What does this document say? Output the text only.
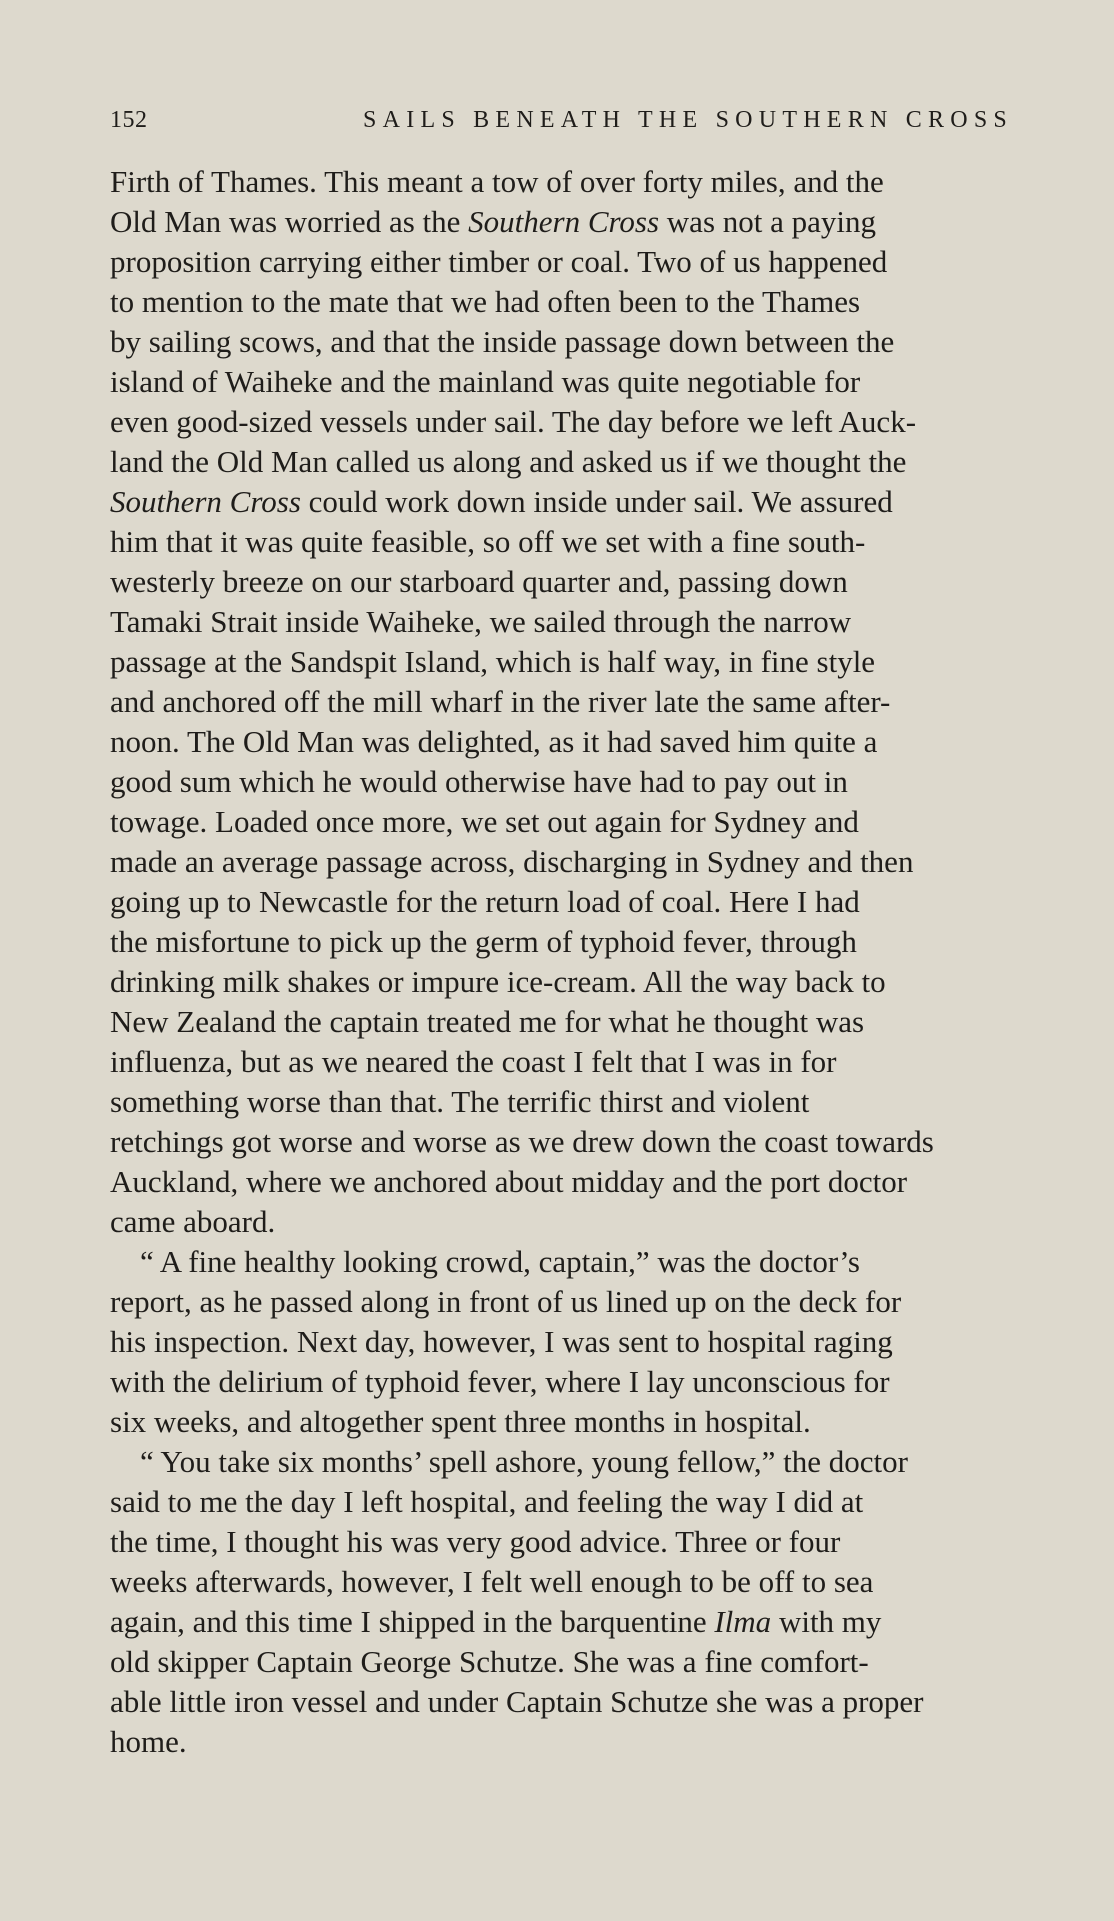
152	SAILS BENEATH THE SOUTHERN CROSS
Firth of Thames. This meant a tow of over forty miles, and the
Old Man was worried as the Southern Cross was not a paying
proposition carrying either timber or coal. Two of us happened
to mention to the mate that we had often been to the Thames
by sailing scows, and that the inside passage down between the
island of Waiheke and the mainland was quite negotiable for
even good-sized vessels under sail. The day before we left Auck-
land the Old Man called us along and asked us if we thought the
Southern Cross could work down inside under sail. We assured
him that it was quite feasible, so off we set with a fine south-
westerly breeze on our starboard quarter and, passing down
Tamaki Strait inside Waiheke, we sailed through the narrow
passage at the Sandspit Island, which is half way, in fine style
and anchored off the mill wharf in the river late the same after-
noon. The Old Man was delighted, as it had saved him quite a
good sum which he would otherwise have had to pay out in
towage. Loaded once more, we set out again for Sydney and
made an average passage across, discharging in Sydney and then
going up to Newcastle for the return load of coal. Here I had
the misfortune to pick up the germ of typhoid fever, through
drinking milk shakes or impure ice-cream. All the way back to
New Zealand the captain treated me for what he thought was
influenza, but as we neared the coast I felt that I was in for
something worse than that. The terrific thirst and violent
retchings got worse and worse as we drew down the coast towards
Auckland, where we anchored about midday and the port doctor
came aboard.
“ A fine healthy looking crowd, captain,” was the doctor’s
report, as he passed along in front of us lined up on the deck for
his inspection. Next day, however, I was sent to hospital raging
with the delirium of typhoid fever, where I lay unconscious for
six weeks, and altogether spent three months in hospital.
“ You take six months’ spell ashore, young fellow,” the doctor
said to me the day I left hospital, and feeling the way I did at
the time, I thought his was very good advice. Three or four
weeks afterwards, however, I felt well enough to be off to sea
again, and this time I shipped in the barquentine Ilma with my
old skipper Captain George Schutze. She was a fine comfort-
able little iron vessel and under Captain Schutze she was a proper
home.
